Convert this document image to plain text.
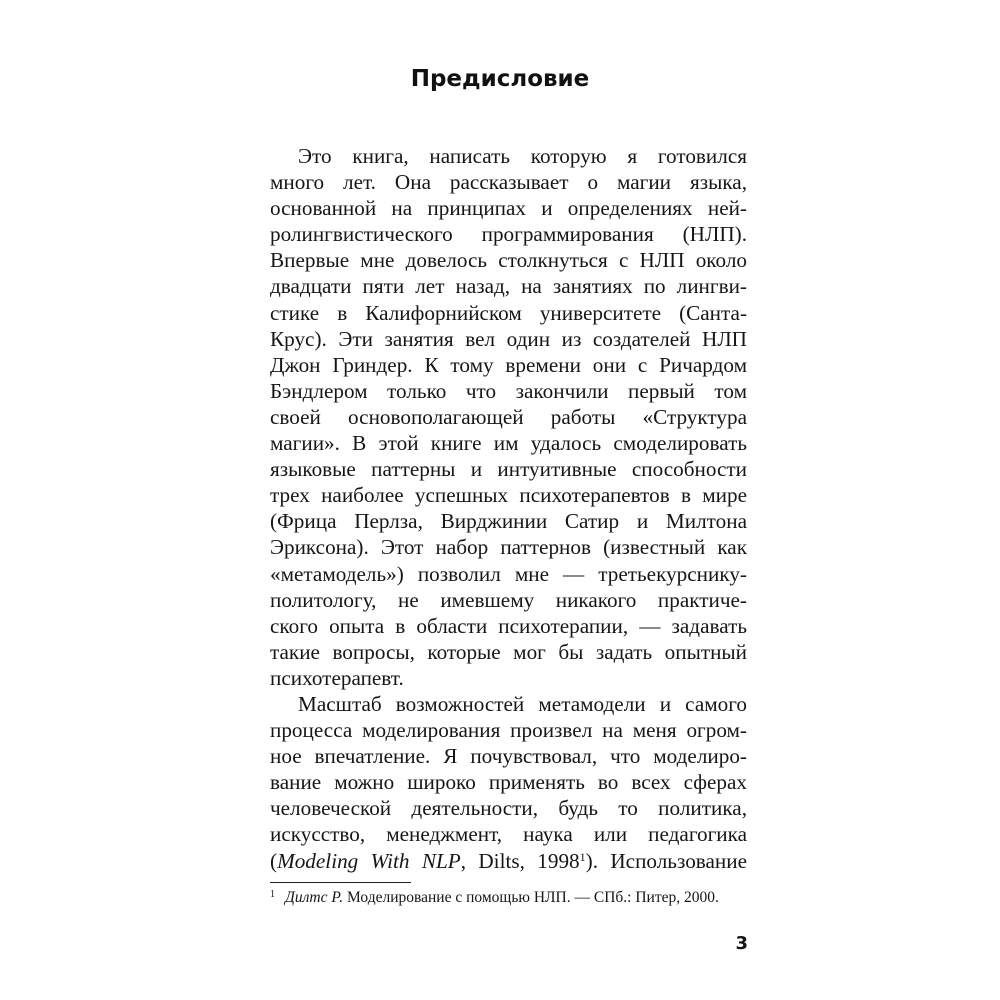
Предисловие
Это книга, написать которую я готовился
много лет. Она рассказывает о магии языка,
основанной на принципах и определениях ней-
ролингвистического программирования (НЛП).
Впервые мне довелось столкнуться с НЛП около
двадцати пяти лет назад, на занятиях по лингви-
стике в Калифорнийском университете (Санта-
Крус). Эти занятия вел один из создателей НЛП
Джон Гриндер. К тому времени они с Ричардом
Бэндлером только что закончили первый том
своей основополагающей работы «Структура
магии». В этой книге им удалось смоделировать
языковые паттерны и интуитивные способности
трех наиболее успешных психотерапевтов в мире
(Фрица Перлза, Вирджинии Сатир и Милтона
Эриксона). Этот набор паттернов (известный как
«метамодель») позволил мне — третьекурснику-
политологу, не имевшему никакого практиче-
ского опыта в области психотерапии, — задавать
такие вопросы, которые мог бы задать опытный
психотерапевт.
Масштаб возможностей метамодели и самого
процесса моделирования произвел на меня огром-
ное впечатление. Я почувствовал, что моделиро-
вание можно широко применять во всех сферах
человеческой деятельности, будь то политика,
искусство, менеджмент, наука или педагогика
(Modeling With NLP, Dilts, 1998$^1$). Использование
$^1$ Дилтс Р. Моделирование с помощью НЛП. — СПб.: Питер, 2000.
3
